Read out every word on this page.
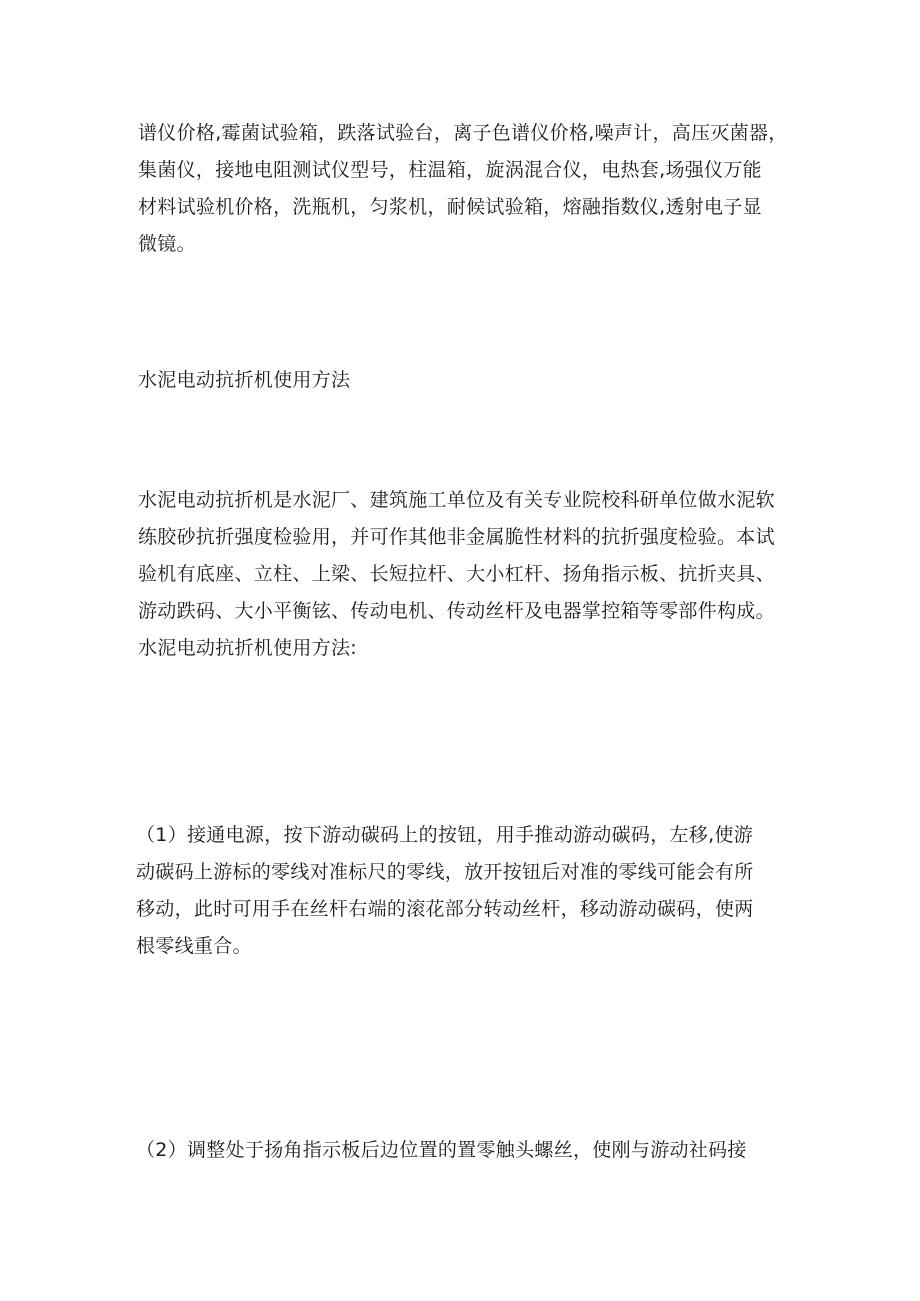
谱仪价格,霉菌试验箱，跌落试验台，离子色谱仪价格,噪声计，高压灭菌器，
集菌仪，接地电阻测试仪型号，柱温箱，旋涡混合仪，电热套,场强仪万能
材料试验机价格，洗瓶机，匀浆机，耐候试验箱，熔融指数仪,透射电子显
微镜。
水泥电动抗折机使用方法
水泥电动抗折机是水泥厂、建筑施工单位及有关专业院校科研单位做水泥软
练胶砂抗折强度检验用，并可作其他非金属脆性材料的抗折强度检验。本试
验机有底座、立柱、上梁、长短拉杆、大小杠杆、扬角指示板、抗折夹具、
游动跌码、大小平衡铉、传动电机、传动丝杆及电器掌控箱等零部件构成。
水泥电动抗折机使用方法:
（1）接通电源，按下游动碳码上的按钮，用手推动游动碳码，左移,使游
动碳码上游标的零线对准标尺的零线，放开按钮后对准的零线可能会有所
移动，此时可用手在丝杆右端的滚花部分转动丝杆，移动游动碳码，使两
根零线重合。
（2）调整处于扬角指示板后边位置的置零触头螺丝，使刚与游动社码接
